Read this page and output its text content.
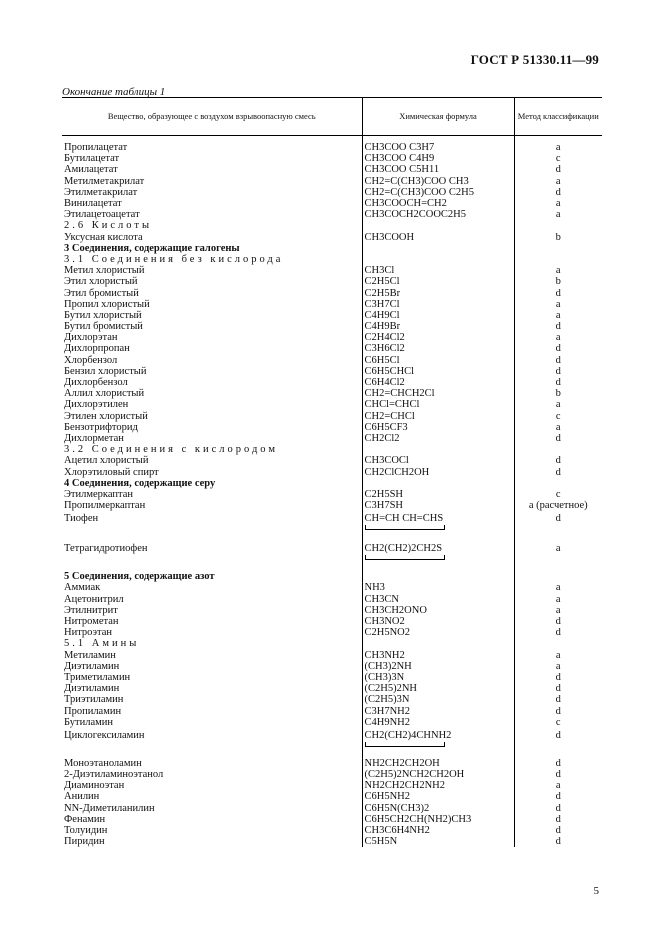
ГОСТ Р 51330.11—99
Окончание таблицы 1
Вещество, образующее с воздухом взрывоопасную смесь	Химическая формула	Метод классификации

Пропилацетат	CH3COO C3H7	a
Бутилацетат	CH3COO C4H9	c
Амилацетат	CH3COO C5H11	d
Метилметакрилат	CH2=C(CH3)COO CH3	a
Этилметакрилат	CH2=C(CH3)COO C2H5	d
Винилацетат	CH3COOCH=CH2	a
Этилацетоацетат	CH3COCH2COOC2H5	a
2.6 Кислоты		
Уксусная кислота	CH3COOH	b
3 Соединения, содержащие галогены		
3.1 Соединения без кислорода		
Метил хлористый	CH3Cl	a
Этил хлористый	C2H5Cl	b
Этил бромистый	C2H5Br	d
Пропил хлористый	C3H7Cl	a
Бутил хлористый	C4H9Cl	a
Бутил бромистый	C4H9Br	d
Дихлорэтан	C2H4Cl2	a
Дихлорпропан	C3H6Cl2	d
Хлорбензол	C6H5Cl	d
Бензил хлористый	C6H5CHCl	d
Дихлорбензол	C6H4Cl2	d
Аллил хлористый	CH2=CHCH2Cl	b
Дихлорэтилен	CHCl=CHCl	a
Этилен хлористый	CH2=CHCl	c
Бензотрифторид	C6H5CF3	a
Дихлорметан	CH2Cl2	d
3.2 Соединения с кислородом		
Ацетил хлористый	CH3COCl	d
Хлорэтиловый спирт	CH2ClCH2OH	d
4 Соединения, содержащие серу		
Этилмеркаптан	C2H5SH	c
Пропилмеркаптан	C3H7SH	a (расчетное)
Тиофен	CH=CH CH=CHS	d
Тетрагидротиофен	CH2(CH2)2CH2S	a
5 Соединения, содержащие азот		
Аммиак	NH3	a
Ацетонитрил	CH3CN	a
Этилнитрит	CH3CH2ONO	a
Нитрометан	CH3NO2	d
Нитроэтан	C2H5NO2	d
5.1 Амины		
Метиламин	CH3NH2	a
Диэтиламин	(CH3)2NH	a
Триметиламин	(CH3)3N	d
Диэтиламин	(C2H5)2NH	d
Триэтиламин	(C2H5)3N	d
Пропиламин	C3H7NH2	d
Бутиламин	C4H9NH2	c
Циклогексиламин	CH2(CH2)4CHNH2	d
Моноэтаноламин	NH2CH2CH2OH	d
2-Диэтиламиноэтанол	(C2H5)2NCH2CH2OH	d
Диаминоэтан	NH2CH2CH2NH2	a
Анилин	C6H5NH2	d
NN-Диметиланилин	C6H5N(CH3)2	d
Фенамин	C6H5CH2CH(NH2)CH3	d
Толуидин	CH3C6H4NH2	d
Пиридин	C5H5N	d
5
